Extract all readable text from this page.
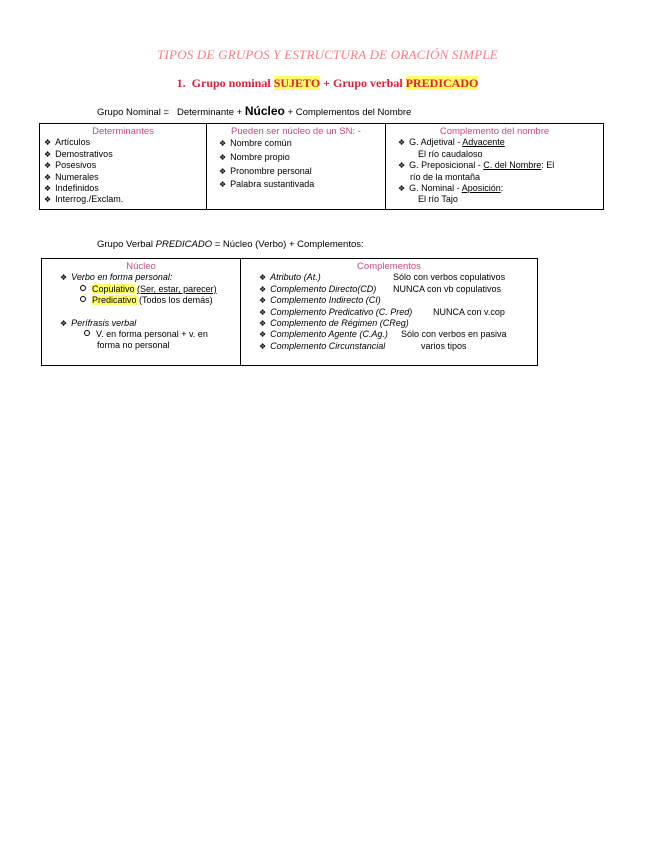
TIPOS DE GRUPOS Y ESTRUCTURA DE ORACIÓN SIMPLE
1. Grupo nominal SUJETO + Grupo verbal PREDICADO
Grupo Nominal = Determinante + Núcleo + Complementos del Nombre
Determinantes
❖ Artículos
❖ Demostrativos
❖ Posesivos
❖ Numerales
❖ Indefinidos
❖ Interrog./Exclam.

Pueden ser núcleo de un SN: -
❖ Nombre común
❖ Nombre propio
❖ Pronombre personal
❖ Palabra sustantivada

Complemento del nombre
❖ G. Adjetival - Adyacente
El río caudaloso
❖ G. Preposicional - C. del Nombre: El
río de la montaña
❖ G. Nominal - Aposición:
El río Tajo
Grupo Verbal PREDICADO = Núcleo (Verbo) + Complementos:
Núcleo
❖ Verbo en forma personal:
Copulativo (Ser, estar, parecer)
Predicativo (Todos los demás)
❖ Perífrasis verbal
V. en forma personal + v. en
forma no personal

Complementos
❖ Atributo (At.)	Sólo con verbos copulativos
❖ Complemento Directo(CD) NUNCA con vb copulativos
❖ Complemento Indirecto (CI)
❖ Complemento Predicativo (C. Pred) NUNCA con v.cop
❖ Complemento de Régimen (CReg)
❖ Complemento Agente (C.Ag.) Sólo con verbos en pasiva
❖ Complemento Circunstancial	varios tipos
